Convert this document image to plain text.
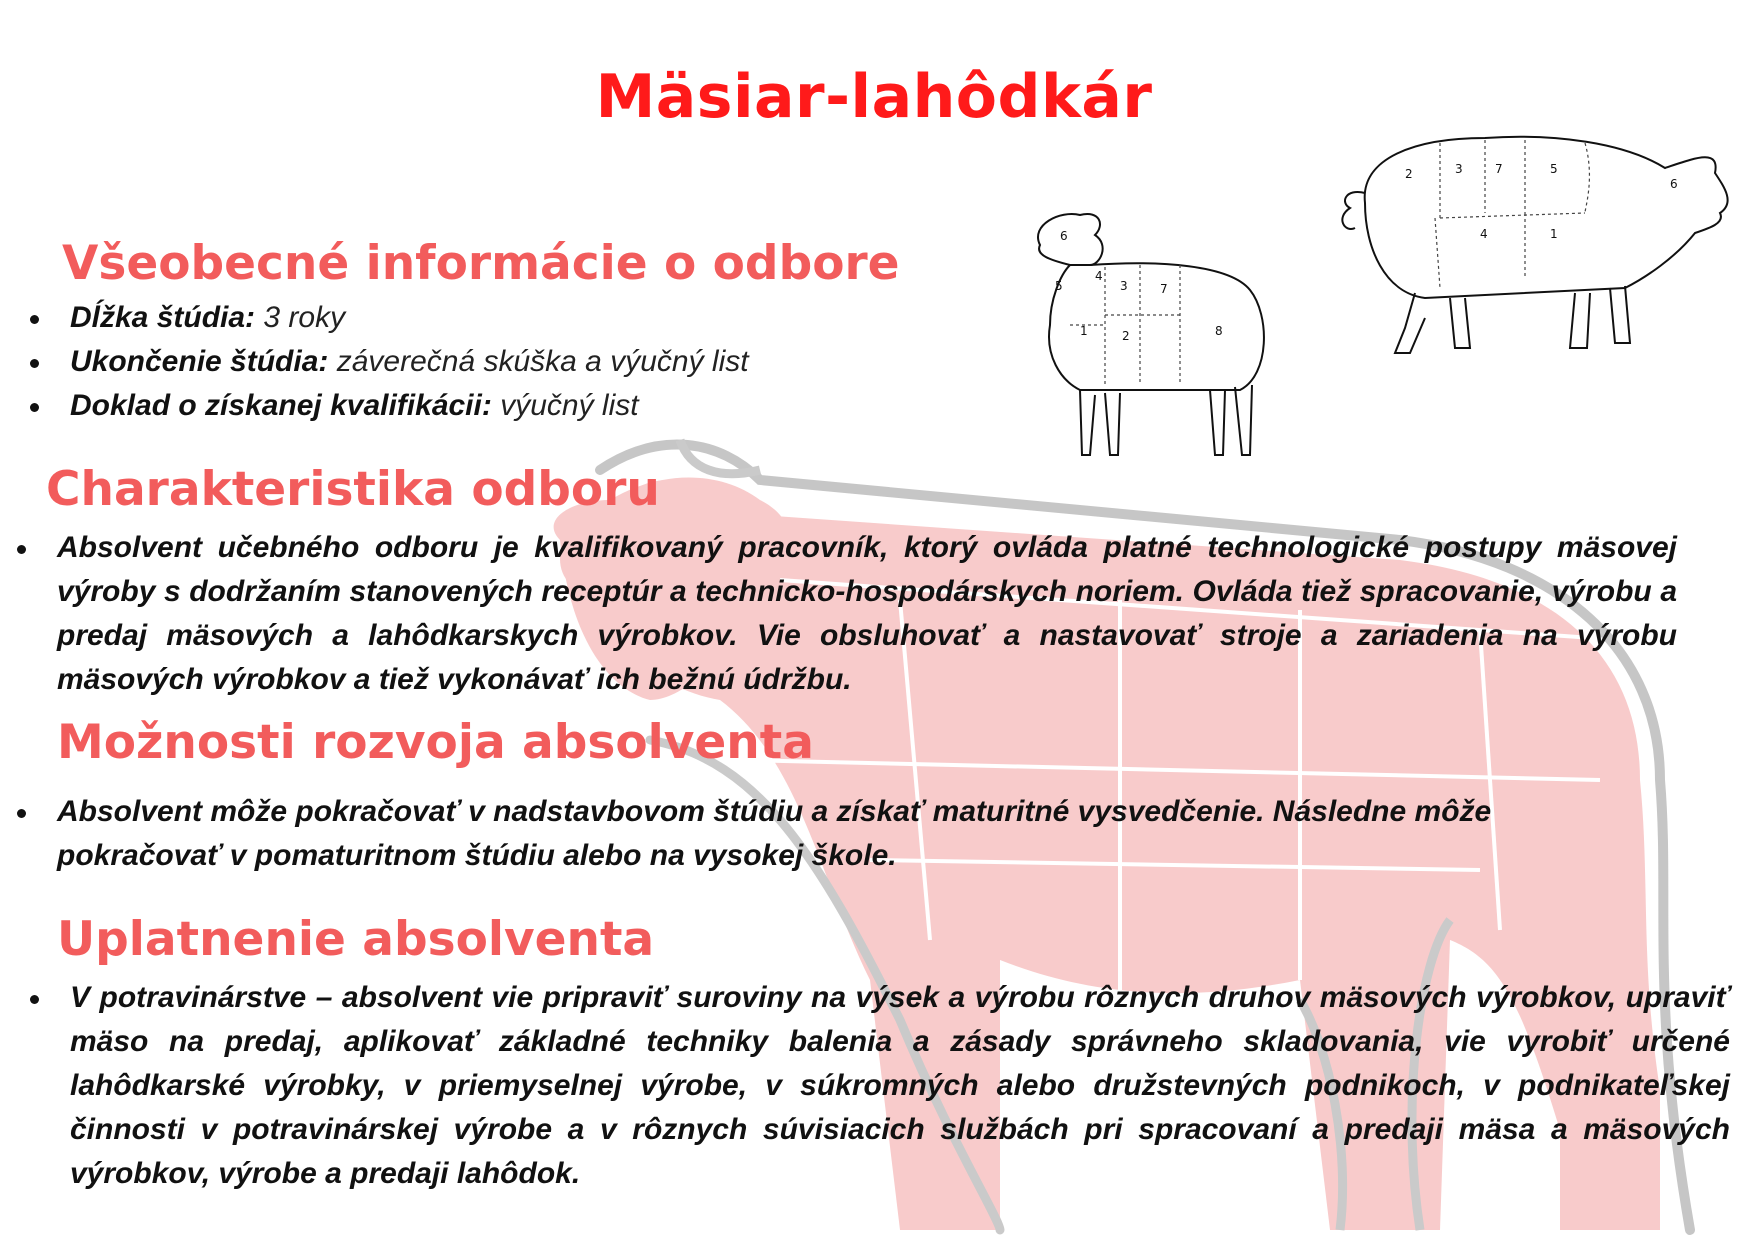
6
5
4
3	7
1	2	8
2	3	7	5
6
4	1
Mäsiar-lahôdkár
Všeobecné informácie o odbore
Dĺžka štúdia: 3 roky
Ukončenie štúdia: záverečná skúška a výučný list
Doklad o získanej kvalifikácii: výučný list
Charakteristika odboru
Absolvent učebného odboru je kvalifikovaný pracovník, ktorý ovláda platné technologické postupy mäsovej výroby s dodržaním stanovených receptúr a technicko-hospodárskych noriem. Ovláda tiež spracovanie, výrobu a predaj mäsových a lahôdkarskych výrobkov. Vie obsluhovať a nastavovať stroje a zariadenia na výrobu mäsových výrobkov a tiež vykonávať ich bežnú údržbu.
Možnosti rozvoja absolventa
Absolvent môže pokračovať v nadstavbovom štúdiu a získať maturitné vysvedčenie. Následne môže pokračovať v pomaturitnom štúdiu alebo na vysokej škole.
Uplatnenie absolventa
V potravinárstve – absolvent vie pripraviť suroviny na výsek a výrobu rôznych druhov mäsových výrobkov, upraviť mäso na predaj, aplikovať základné techniky balenia a zásady správneho skladovania, vie vyrobiť určené lahôdkarské výrobky, v priemyselnej výrobe, v súkromných alebo družstevných podnikoch, v podnikateľskej činnosti v potravinárskej výrobe a v rôznych súvisiacich službách pri spracovaní a predaji mäsa a mäsových výrobkov, výrobe a predaji lahôdok.
